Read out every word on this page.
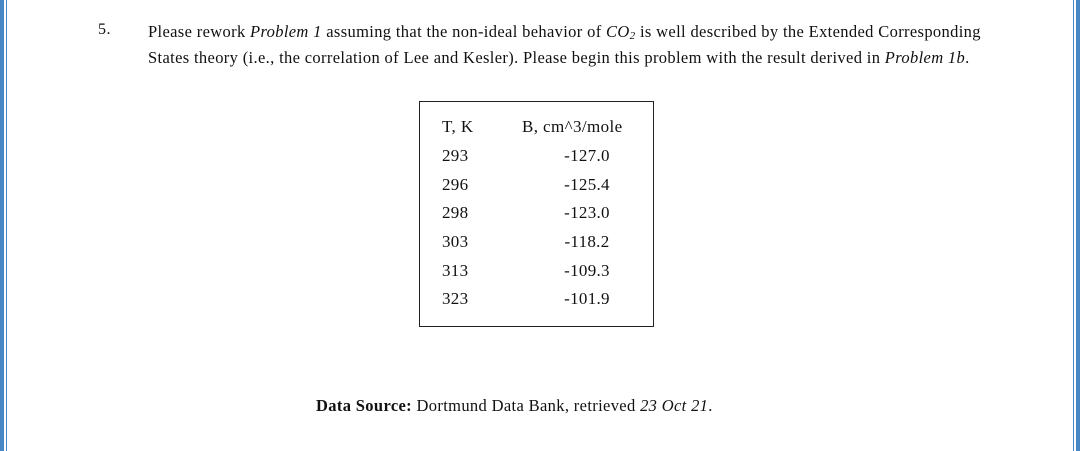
5. Please rework Problem 1 assuming that the non-ideal behavior of $CO_2$ is well described by the Extended Corresponding States theory (i.e., the correlation of Lee and Kesler). Please begin this problem with the result derived in Problem 1b.
T, K	B, cm^3/mole
293	-127.0
296	-125.4
298	-123.0
303	-118.2
313	-109.3
323	-101.9
Data Source: Dortmund Data Bank, retrieved 23 Oct 21.
